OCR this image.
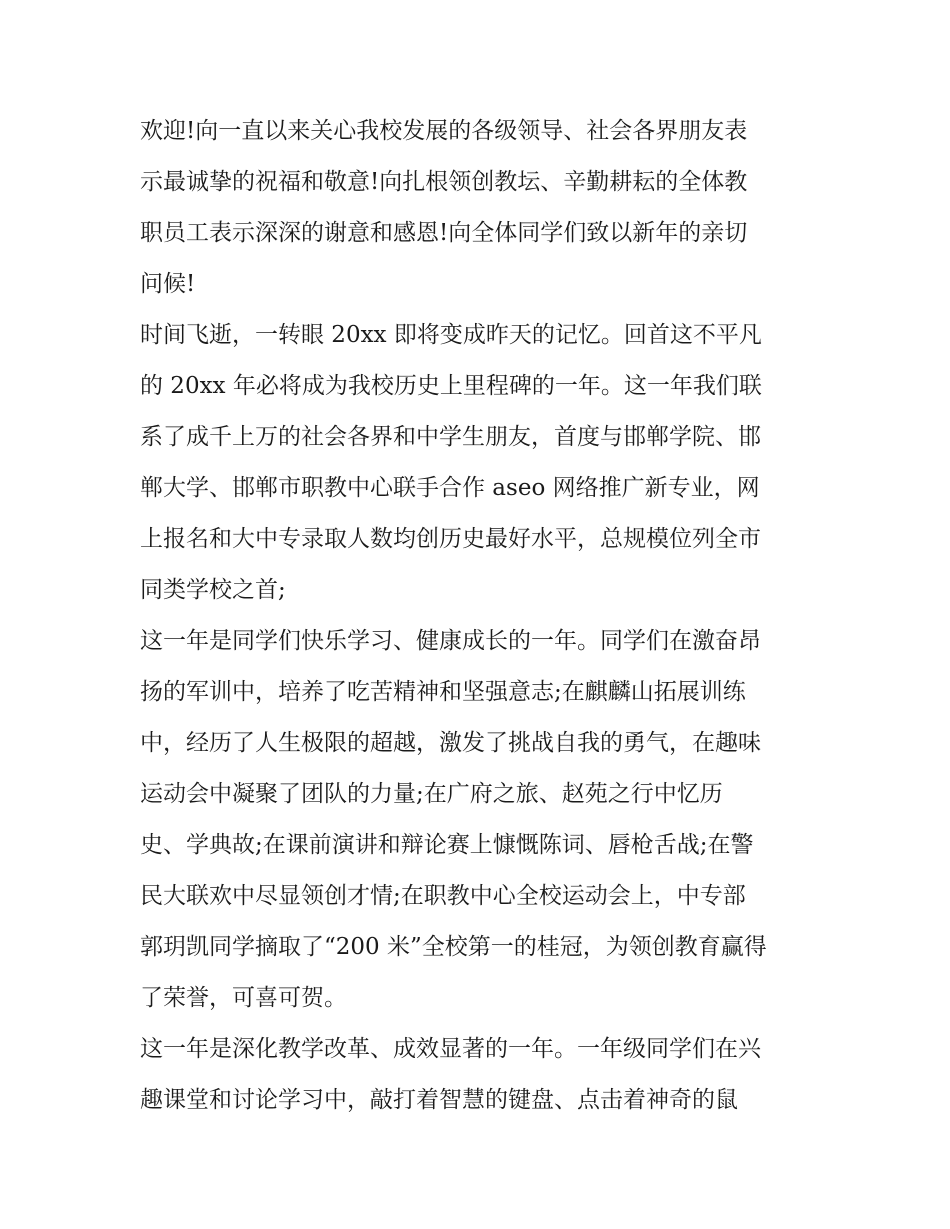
欢迎!向一直以来关心我校发展的各级领导、社会各界朋友表
示最诚挚的祝福和敬意!向扎根领创教坛、辛勤耕耘的全体教
职员工表示深深的谢意和感恩!向全体同学们致以新年的亲切
问候!
时间飞逝，一转眼 20xx 即将变成昨天的记忆。回首这不平凡
的 20xx 年必将成为我校历史上里程碑的一年。这一年我们联
系了成千上万的社会各界和中学生朋友，首度与邯郸学院、邯
郸大学、邯郸市职教中心联手合作 aseo 网络推广新专业，网
上报名和大中专录取人数均创历史最好水平，总规模位列全市
同类学校之首;
这一年是同学们快乐学习、健康成长的一年。同学们在激奋昂
扬的军训中，培养了吃苦精神和坚强意志;在麒麟山拓展训练
中，经历了人生极限的超越，激发了挑战自我的勇气，在趣味
运动会中凝聚了团队的力量;在广府之旅、赵苑之行中忆历
史、学典故;在课前演讲和辩论赛上慷慨陈词、唇枪舌战;在警
民大联欢中尽显领创才情;在职教中心全校运动会上，中专部
郭玥凯同学摘取了“200 米”全校第一的桂冠，为领创教育赢得
了荣誉，可喜可贺。
这一年是深化教学改革、成效显著的一年。一年级同学们在兴
趣课堂和讨论学习中，敲打着智慧的键盘、点击着神奇的鼠
